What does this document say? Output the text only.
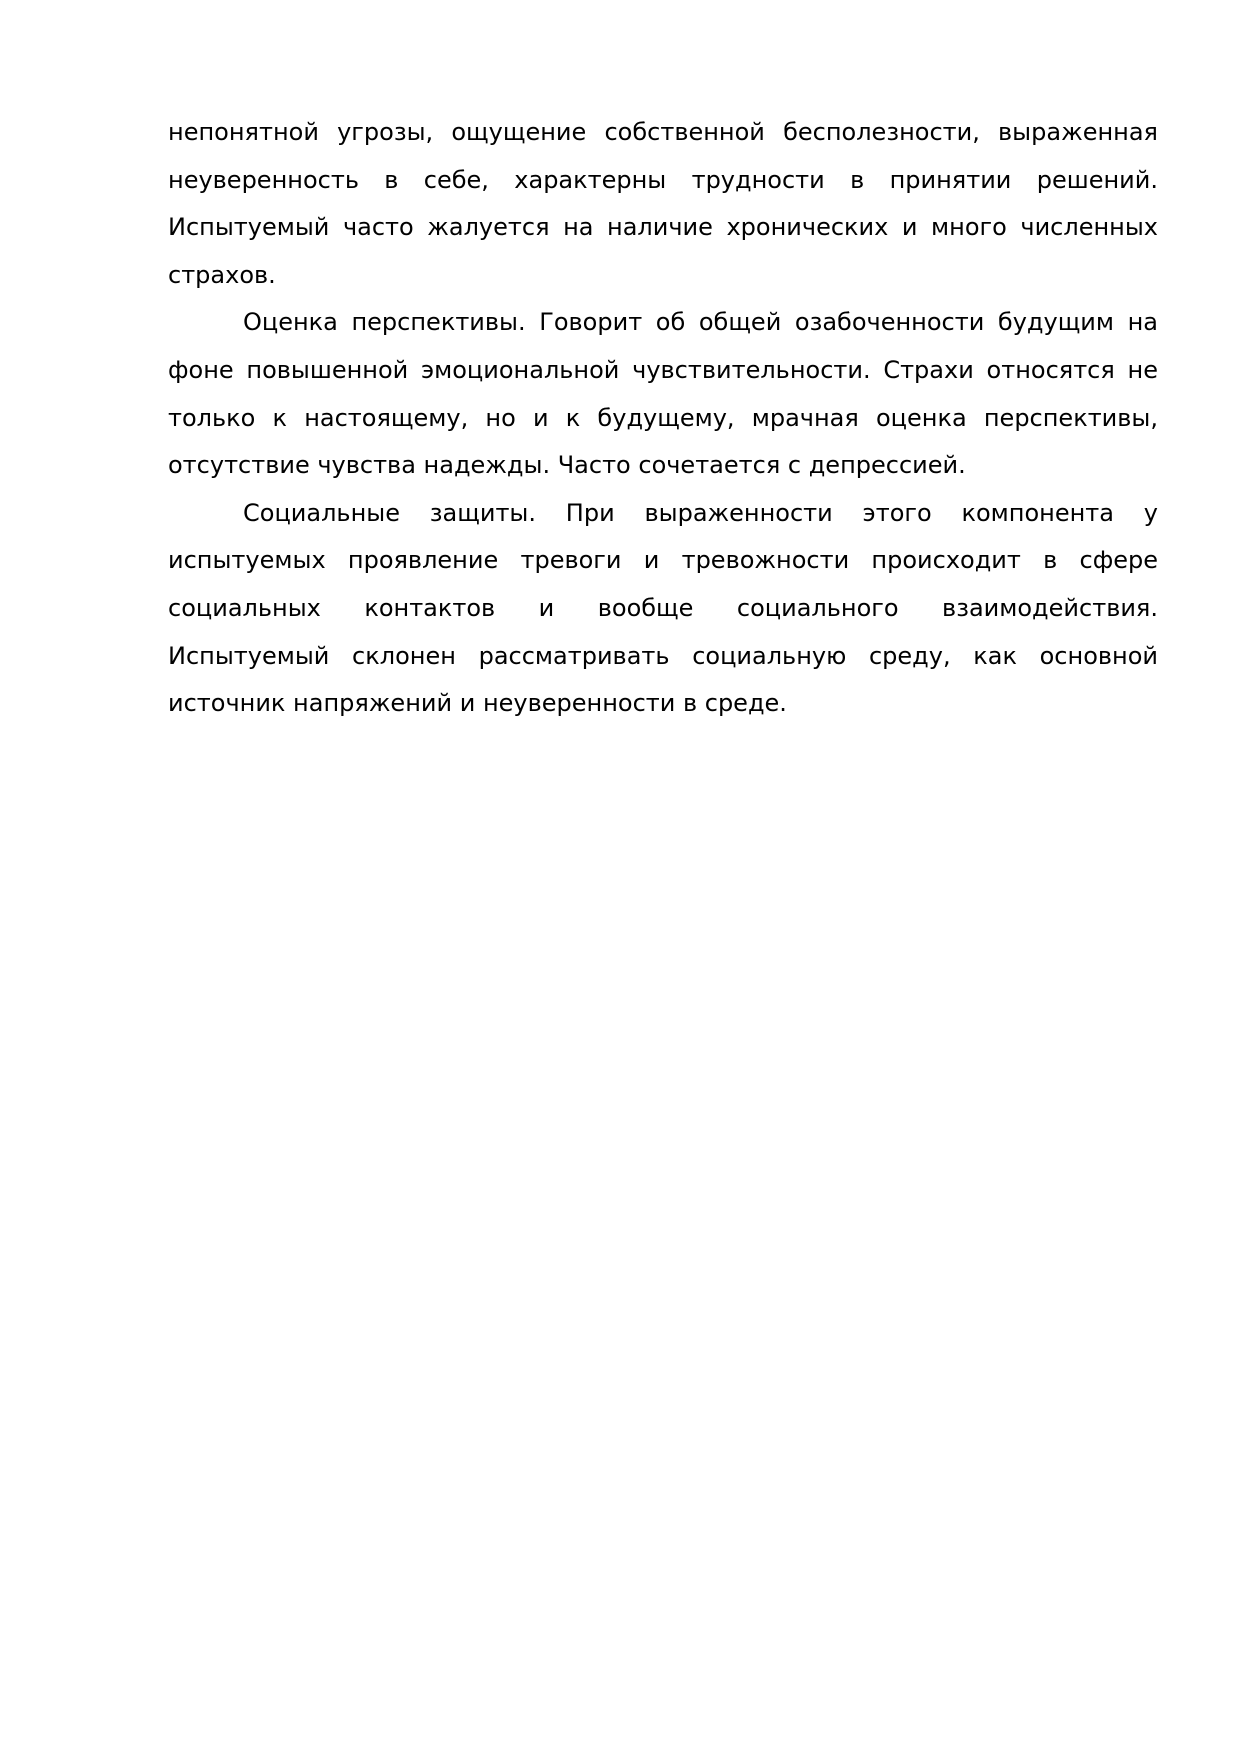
непонятной угрозы, ощущение собственной бесполезности, выраженная
неуверенность в себе, характерны трудности в принятии решений.
Испытуемый часто жалуется на наличие хронических и много численных
страхов.
Оценка перспективы. Говорит об общей озабоченности будущим на
фоне повышенной эмоциональной чувствительности. Страхи относятся не
только к настоящему, но и к будущему, мрачная оценка перспективы,
отсутствие чувства надежды. Часто сочетается с депрессией.
Социальные защиты. При выраженности этого компонента у
испытуемых проявление тревоги и тревожности происходит в сфере
социальных контактов и вообще социального взаимодействия.
Испытуемый склонен рассматривать социальную среду, как основной
источник напряжений и неуверенности в среде.
